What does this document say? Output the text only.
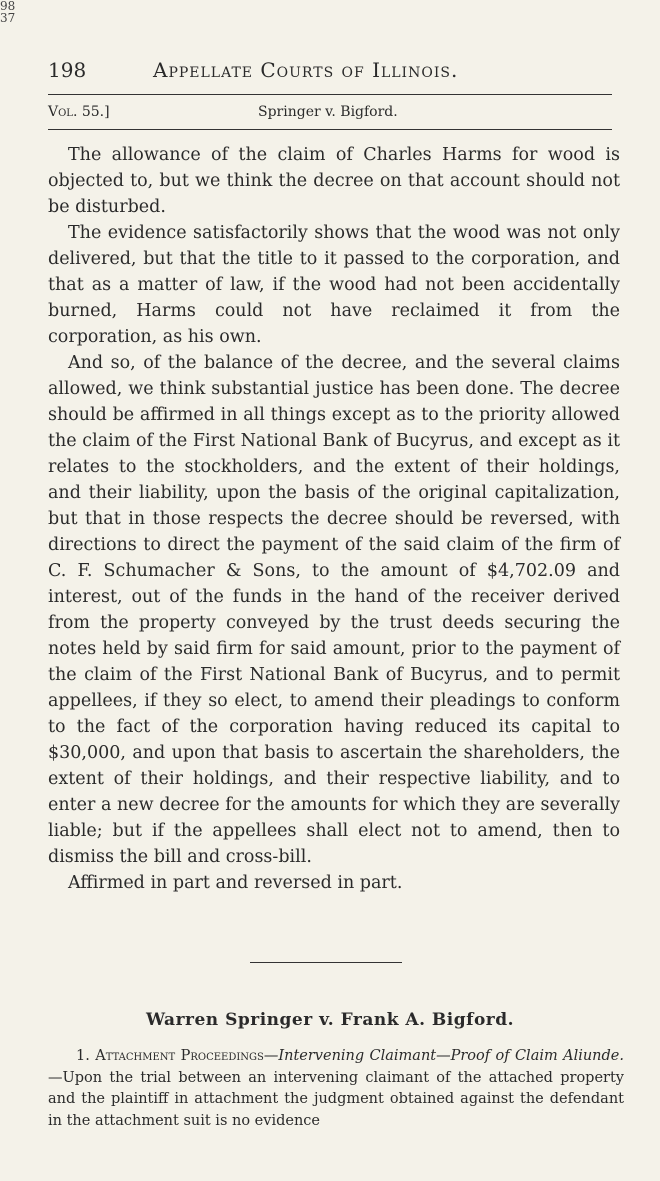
98
37
198	Appellate Courts of Illinois.
Vol. 55.]	Springer v. Bigford.

The allowance of the claim of Charles Harms for wood is objected to, but we think the decree on that account should not be disturbed.

The evidence satisfactorily shows that the wood was not only delivered, but that the title to it passed to the corporation, and that as a matter of law, if the wood had not been accidentally burned, Harms could not have reclaimed it from the corporation, as his own.

And so, of the balance of the decree, and the several claims allowed, we think substantial justice has been done. The decree should be affirmed in all things except as to the priority allowed the claim of the First National Bank of Bucyrus, and except as it relates to the stockholders, and the extent of their holdings, and their liability, upon the basis of the original capitalization, but that in those respects the decree should be reversed, with directions to direct the payment of the said claim of the firm of C. F. Schumacher & Sons, to the amount of $4,702.09 and interest, out of the funds in the hand of the receiver derived from the property conveyed by the trust deeds securing the notes held by said firm for said amount, prior to the payment of the claim of the First National Bank of Bucyrus, and to permit appellees, if they so elect, to amend their pleadings to conform to the fact of the corporation having reduced its capital to $30,000, and upon that basis to ascertain the shareholders, the extent of their holdings, and their respective liability, and to enter a new decree for the amounts for which they are severally liable; but if the appellees shall elect not to amend, then to dismiss the bill and cross-bill.

Affirmed in part and reversed in part.

Warren Springer v. Frank A. Bigford.

1. Attachment Proceedings—Intervening Claimant—Proof of Claim Aliunde.—Upon the trial between an intervening claimant of the attached property and the plaintiff in attachment the judgment obtained against the defendant in the attachment suit is no evidence
